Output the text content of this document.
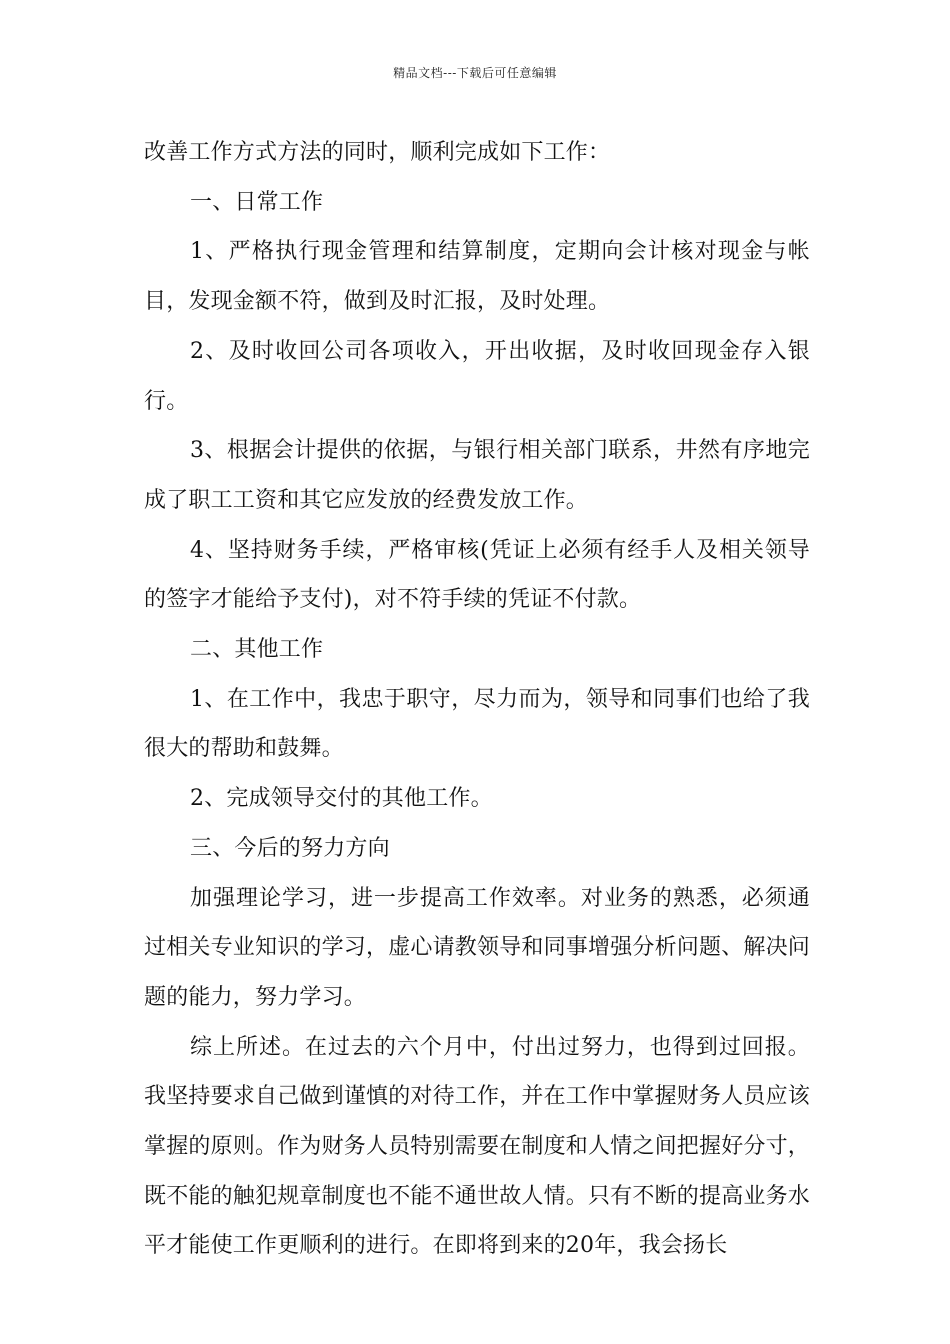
精品文档---下载后可任意编辑

改善工作方式方法的同时，顺利完成如下工作：

一、日常工作

1、严格执行现金管理和结算制度，定期向会计核对现金与帐目，发现金额不符，做到及时汇报，及时处理。

2、及时收回公司各项收入，开出收据，及时收回现金存入银行。

3、根据会计提供的依据，与银行相关部门联系，井然有序地完成了职工工资和其它应发放的经费发放工作。

4、坚持财务手续，严格审核(凭证上必须有经手人及相关领导的签字才能给予支付)，对不符手续的凭证不付款。

二、其他工作

1、在工作中，我忠于职守，尽力而为，领导和同事们也给了我很大的帮助和鼓舞。

2、完成领导交付的其他工作。

三、今后的努力方向

加强理论学习，进一步提高工作效率。对业务的熟悉，必须通过相关专业知识的学习，虚心请教领导和同事增强分析问题、解决问题的能力，努力学习。

综上所述。在过去的六个月中，付出过努力，也得到过回报。我坚持要求自己做到谨慎的对待工作，并在工作中掌握财务人员应该掌握的原则。作为财务人员特别需要在制度和人情之间把握好分寸，既不能的触犯规章制度也不能不通世故人情。只有不断的提高业务水平才能使工作更顺利的进行。在即将到来的20年，我会扬长
